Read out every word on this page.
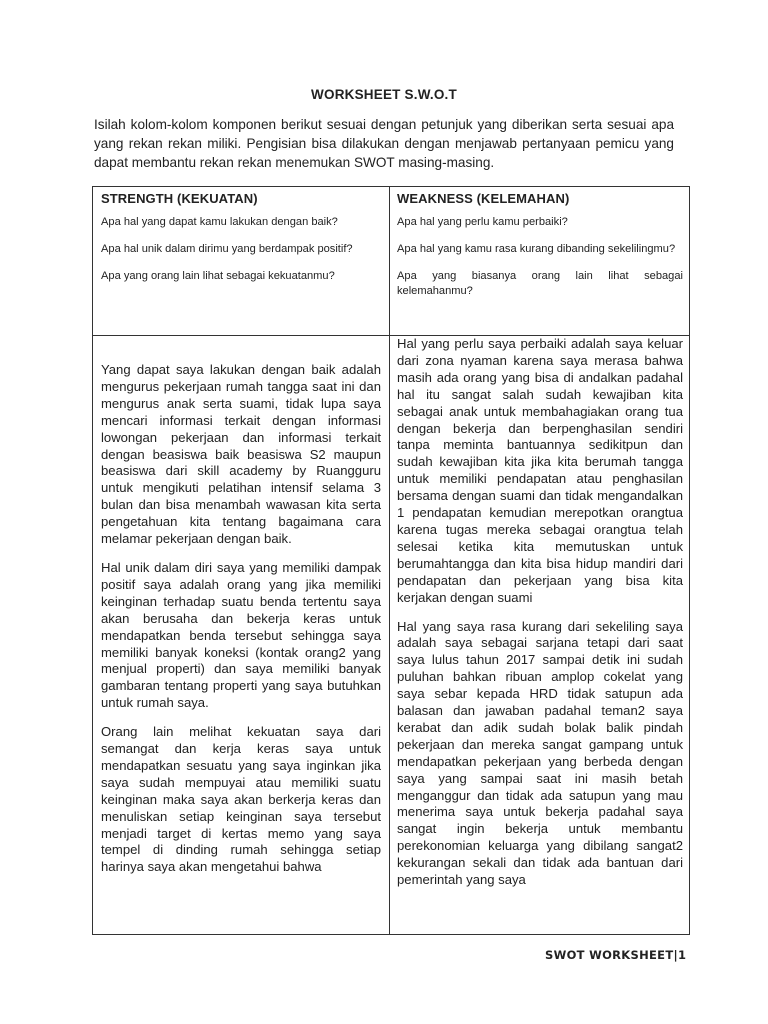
WORKSHEET S.W.O.T
Isilah kolom-kolom komponen berikut sesuai dengan petunjuk yang diberikan serta sesuai apa yang rekan rekan miliki. Pengisian bisa dilakukan dengan menjawab pertanyaan pemicu yang dapat membantu rekan rekan menemukan SWOT masing-masing.
STRENGTH (KEKUATAN)

Apa hal yang dapat kamu lakukan dengan baik?

Apa hal unik dalam dirimu yang berdampak positif?

Apa yang orang lain lihat sebagai kekuatanmu?

WEAKNESS (KELEMAHAN)

Apa hal yang perlu kamu perbaiki?

Apa hal yang kamu rasa kurang dibanding sekelilingmu?

Apa yang biasanya orang lain lihat sebagai kelemahanmu?

Yang dapat saya lakukan dengan baik adalah mengurus pekerjaan rumah tangga saat ini dan mengurus anak serta suami, tidak lupa saya mencari informasi terkait dengan informasi lowongan pekerjaan dan informasi terkait dengan beasiswa baik beasiswa S2 maupun beasiswa dari skill academy by Ruangguru untuk mengikuti pelatihan intensif selama 3 bulan dan bisa menambah wawasan kita serta pengetahuan kita tentang bagaimana cara melamar pekerjaan dengan baik.

Hal unik dalam diri saya yang memiliki dampak positif saya adalah orang yang jika memiliki keinginan terhadap suatu benda tertentu saya akan berusaha dan bekerja keras untuk mendapatkan benda tersebut sehingga saya memiliki banyak koneksi (kontak orang2 yang menjual properti) dan saya memiliki banyak gambaran tentang properti yang saya butuhkan untuk rumah saya.

Orang lain melihat kekuatan saya dari semangat dan kerja keras saya untuk mendapatkan sesuatu yang saya inginkan jika saya sudah mempuyai atau memiliki suatu keinginan maka saya akan berkerja keras dan menuliskan setiap keinginan saya tersebut menjadi target di kertas memo yang saya tempel di dinding rumah sehingga setiap harinya saya akan mengetahui bahwa

Hal yang perlu saya perbaiki adalah saya keluar dari zona nyaman karena saya merasa bahwa masih ada orang yang bisa di andalkan padahal hal itu sangat salah sudah kewajiban kita sebagai anak untuk membahagiakan orang tua dengan bekerja dan berpenghasilan sendiri tanpa meminta bantuannya sedikitpun dan sudah kewajiban kita jika kita berumah tangga untuk memiliki pendapatan atau penghasilan bersama dengan suami dan tidak mengandalkan 1 pendapatan kemudian merepotkan orangtua karena tugas mereka sebagai orangtua telah selesai ketika kita memutuskan untuk berumahtangga dan kita bisa hidup mandiri dari pendapatan dan pekerjaan yang bisa kita kerjakan dengan suami

Hal yang saya rasa kurang dari sekeliling saya adalah saya sebagai sarjana tetapi dari saat saya lulus tahun 2017 sampai detik ini sudah puluhan bahkan ribuan amplop cokelat yang saya sebar kepada HRD tidak satupun ada balasan dan jawaban padahal teman2 saya kerabat dan adik sudah bolak balik pindah pekerjaan dan mereka sangat gampang untuk mendapatkan pekerjaan yang berbeda dengan saya yang sampai saat ini masih betah menganggur dan tidak ada satupun yang mau menerima saya untuk bekerja padahal saya sangat ingin bekerja untuk membantu perekonomian keluarga yang dibilang sangat2 kekurangan sekali dan tidak ada bantuan dari pemerintah yang saya

SWOT WORKSHEET|1
